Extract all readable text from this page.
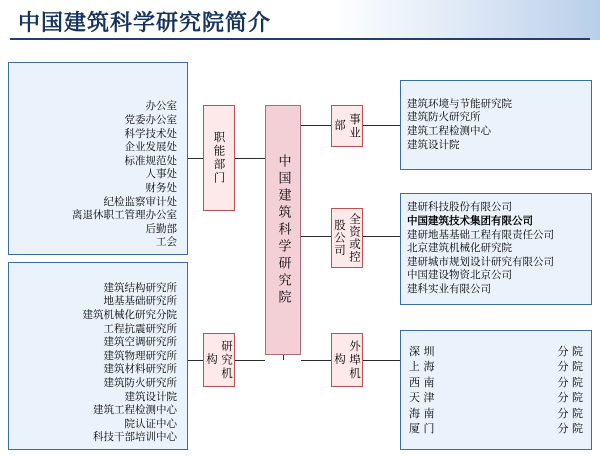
中国建筑科学研究院简介
办公室
党委办公室
科学技术处
企业发展处
标准规范处
人事处
财务处
纪检监察审计处
离退休职工管理办公室
后勤部
工会
职能部门	中国建筑科学研究院
建筑结构研究所
地基基础研究所
建筑机械化研究分院
工程抗震研究所
建筑空调研究所
建筑物理研究所
建筑材料研究所
建筑防火研究所
建筑设计院
建筑工程检测中心
院认证中心
科技干部培训中心
研究机构
事业部
建筑环境与节能研究院
建筑防火研究所
建筑工程检测中心
建筑设计院
全资或控股公司
建研科技股份有限公司
中国建筑技术集团有限公司
建研地基基础工程有限责任公司
北京建筑机械化研究院
建研城市规划设计研究有限公司
中国建设物资北京公司
建科实业有限公司
外埠机构
深 圳	分 院
上 海	分 院
西 南	分 院
天 津	分 院
海 南	分 院
厦 门	分 院
